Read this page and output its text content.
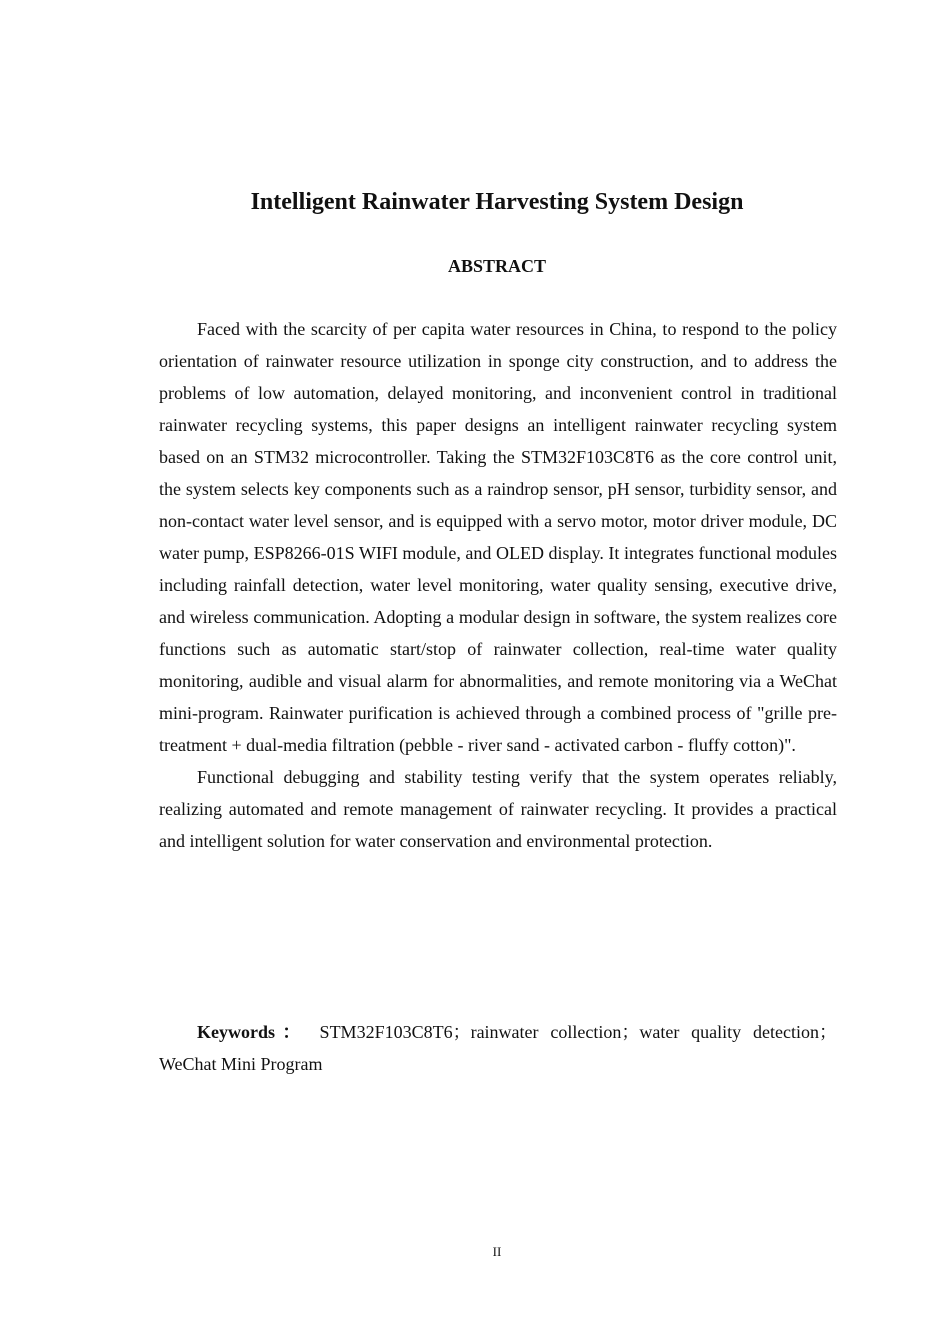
Intelligent Rainwater Harvesting System Design
ABSTRACT

Faced with the scarcity of per capita water resources in China, to respond to the policy orientation of rainwater resource utilization in sponge city construction, and to address the problems of low automation, delayed monitoring, and inconvenient control in traditional rainwater recycling systems, this paper designs an intelligent rainwater recycling system based on an STM32 microcontroller. Taking the STM32F103C8T6 as the core control unit, the system selects key components such as a raindrop sensor, pH sensor, turbidity sensor, and non-contact water level sensor, and is equipped with a servo motor, motor driver module, DC water pump, ESP8266-01S WIFI module, and OLED display. It integrates functional modules including rainfall detection, water level monitoring, water quality sensing, executive drive, and wireless communication. Adopting a modular design in software, the system realizes core functions such as automatic start/stop of rainwater collection, real-time water quality monitoring, audible and visual alarm for abnormalities, and remote monitoring via a WeChat mini-program. Rainwater purification is achieved through a combined process of "grille pre-treatment + dual-media filtration (pebble - river sand - activated carbon - fluffy cotton)".

Functional debugging and stability testing verify that the system operates reliably, realizing automated and remote management of rainwater recycling. It provides a practical and intelligent solution for water conservation and environmental protection.

Keywords： STM32F103C8T6；rainwater collection；water quality detection；WeChat Mini Program

II
